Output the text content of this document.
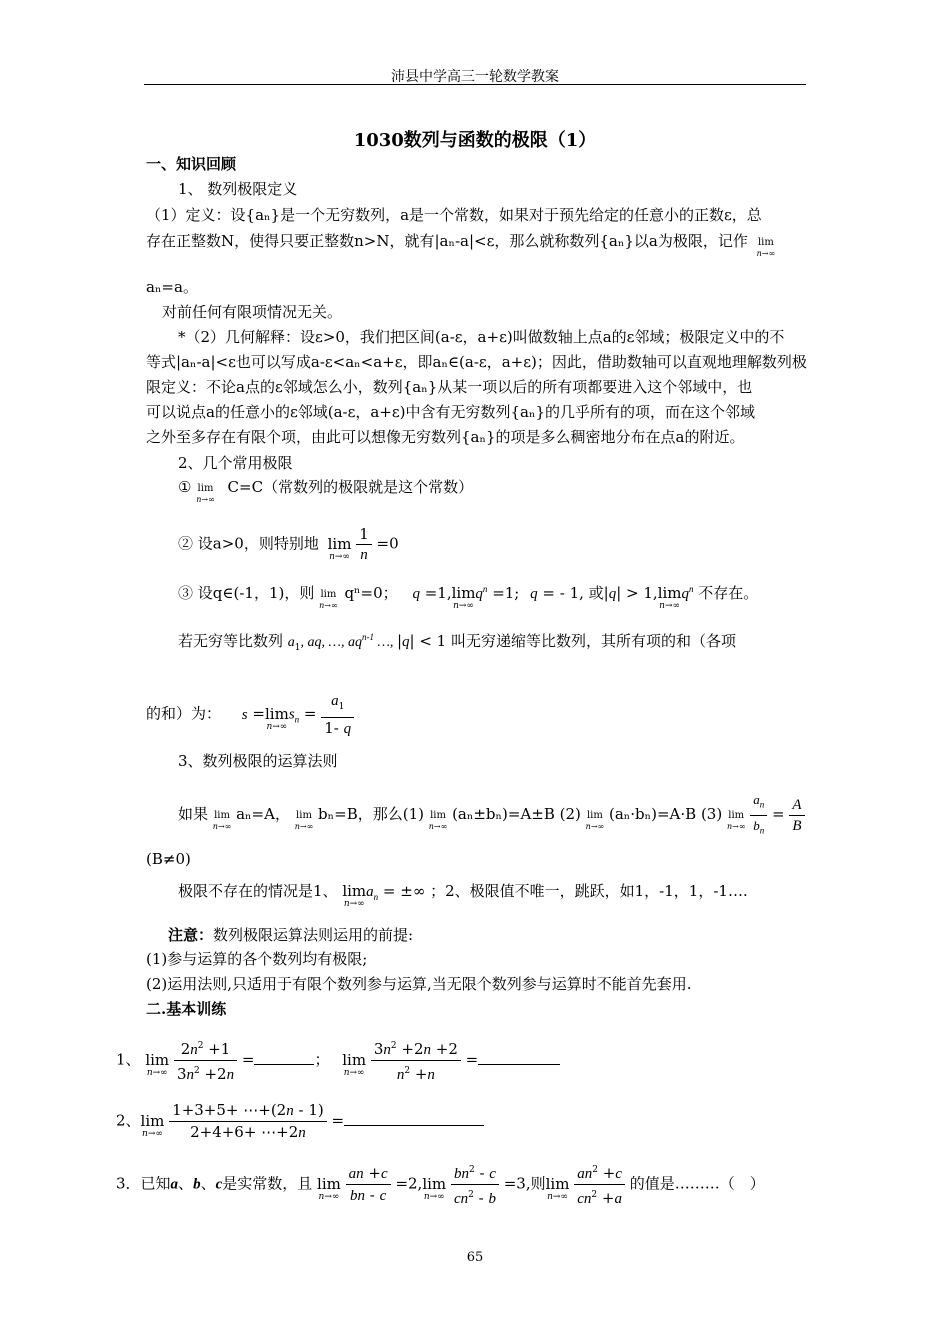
沛县中学高三一轮数学教案
1030数列与函数的极限（1）
一、知识回顾
1、 数列极限定义
（1）定义：设{aₙ}是一个无穷数列，a是一个常数，如果对于预先给定的任意小的正数ε，总
存在正整数N，使得只要正整数n>N，就有|aₙ-a|<ε，那么就称数列{aₙ}以a为极限，记作 lim
n→∞
aₙ=a。
对前任何有限项情况无关。
*（2）几何解释：设ε>0，我们把区间(a-ε，a+ε)叫做数轴上点a的ε邻域；极限定义中的不
等式|aₙ-a|<ε也可以写成a-ε<aₙ<a+ε，即aₙ∈(a-ε，a+ε)；因此，借助数轴可以直观地理解数列极
限定义：不论a点的ε邻域怎么小，数列{aₙ}从某一项以后的所有项都要进入这个邻域中，也
可以说点a的任意小的ε邻域(a-ε，a+ε)中含有无穷数列{aₙ}的几乎所有的项，而在这个邻域
之外至多存在有限个项，由此可以想像无穷数列{aₙ}的项是多么稠密地分布在点a的附近。
2、几个常用极限
① lim
n→∞
C=C（常数列的极限就是这个常数）
② 设a>0，则特别地 lim
n→∞
$\frac{1}{n} =0$
③ 设q∈(-1，1)，则 lim
n→∞
qⁿ=0； q =1, lim
n→∞
$q^n =1$; q = - 1, 或|q| > 1, lim
n→∞
$q^n$ 不存在。
若无穷等比数列 $a_1$, aq, …, $aq^{n-1}$ …, |q| < 1 叫无穷递缩等比数列，其所有项的和（各项
的和）为： s = lim
n→∞
$s_n = \frac{a_1}{1- q}$
3、数列极限的运算法则
如果 lim
n→∞
aₙ=A， lim
n→∞
bₙ=B，那么(1) lim
n→∞
(aₙ±bₙ)=A±B (2) lim
n→∞
(aₙ·bₙ)=A·B (3) lim
n→∞
$\frac{a_n}{b_n} = \frac{A}{B}$
(B≠0)
极限不存在的情况是1、 lim
n→∞
$a_n$ = ±∞ ；2、极限值不唯一，跳跃，如1，-1，1，-1….
注意：数列极限运算法则运用的前提:
(1)参与运算的各个数列均有极限;
(2)运用法则,只适用于有限个数列参与运算,当无限个数列参与运算时不能首先套用.
二.基本训练
1、 lim
n→∞
$\frac{2n^2 +1}{3n^2 +2n}$ =	； lim
n→∞
$\frac{3n^2 +2n +2}{n^2 +n}$ =
2、 lim
n→∞
$\frac{1+3+5+ \cdots+(2n - 1)}{2+4+6+ \cdots+2n}$ =
3．已知a、b、c是实常数，且 lim
n→∞
$\frac{an +c}{bn - c} =2$, lim
n→∞
$\frac{bn^2 - c}{cn^2 - b} =3$,则 lim
n→∞
$\frac{an^2 +c}{cn^2 +a}$ 的值是………（　）
65
